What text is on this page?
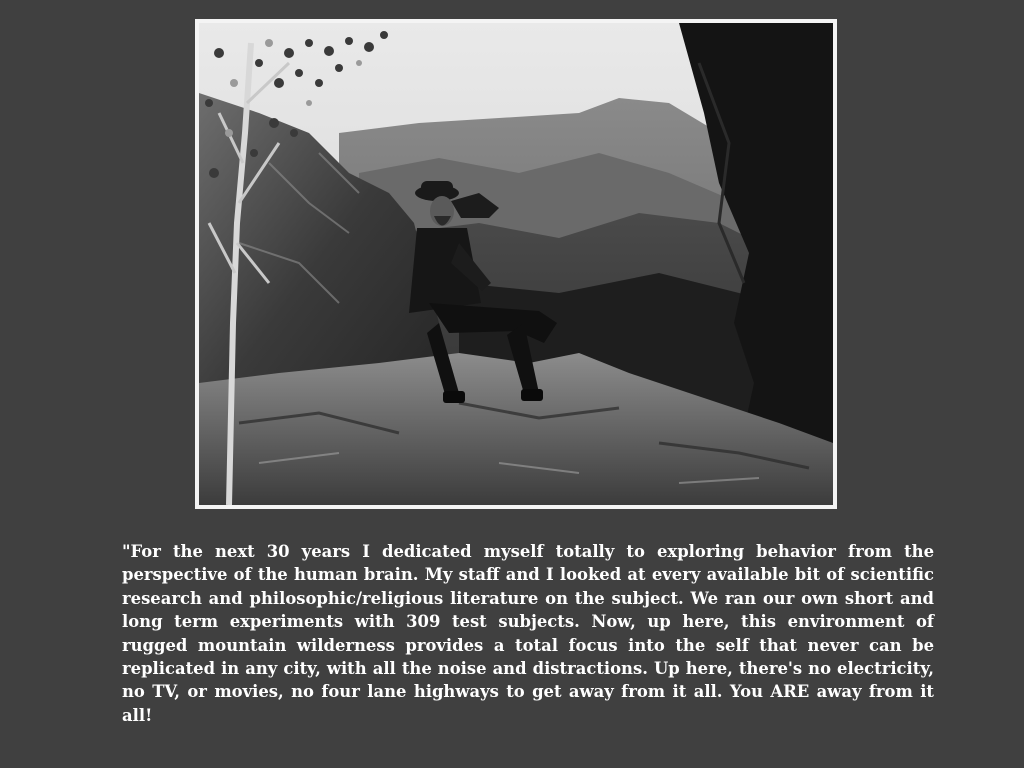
"For the next 30 years I dedicated myself totally to exploring behavior from the perspective of the human brain. My staff and I looked at every available bit of scientific research and philosophic/religious literature on the subject. We ran our own short and long term experiments with 309 test subjects. Now, up here, this environment of rugged mountain wilderness provides a total focus into the self that never can be replicated in any city, with all the noise and distractions. Up here, there's no electricity, no TV, or movies, no four lane highways to get away from it all. You ARE away from it all!
